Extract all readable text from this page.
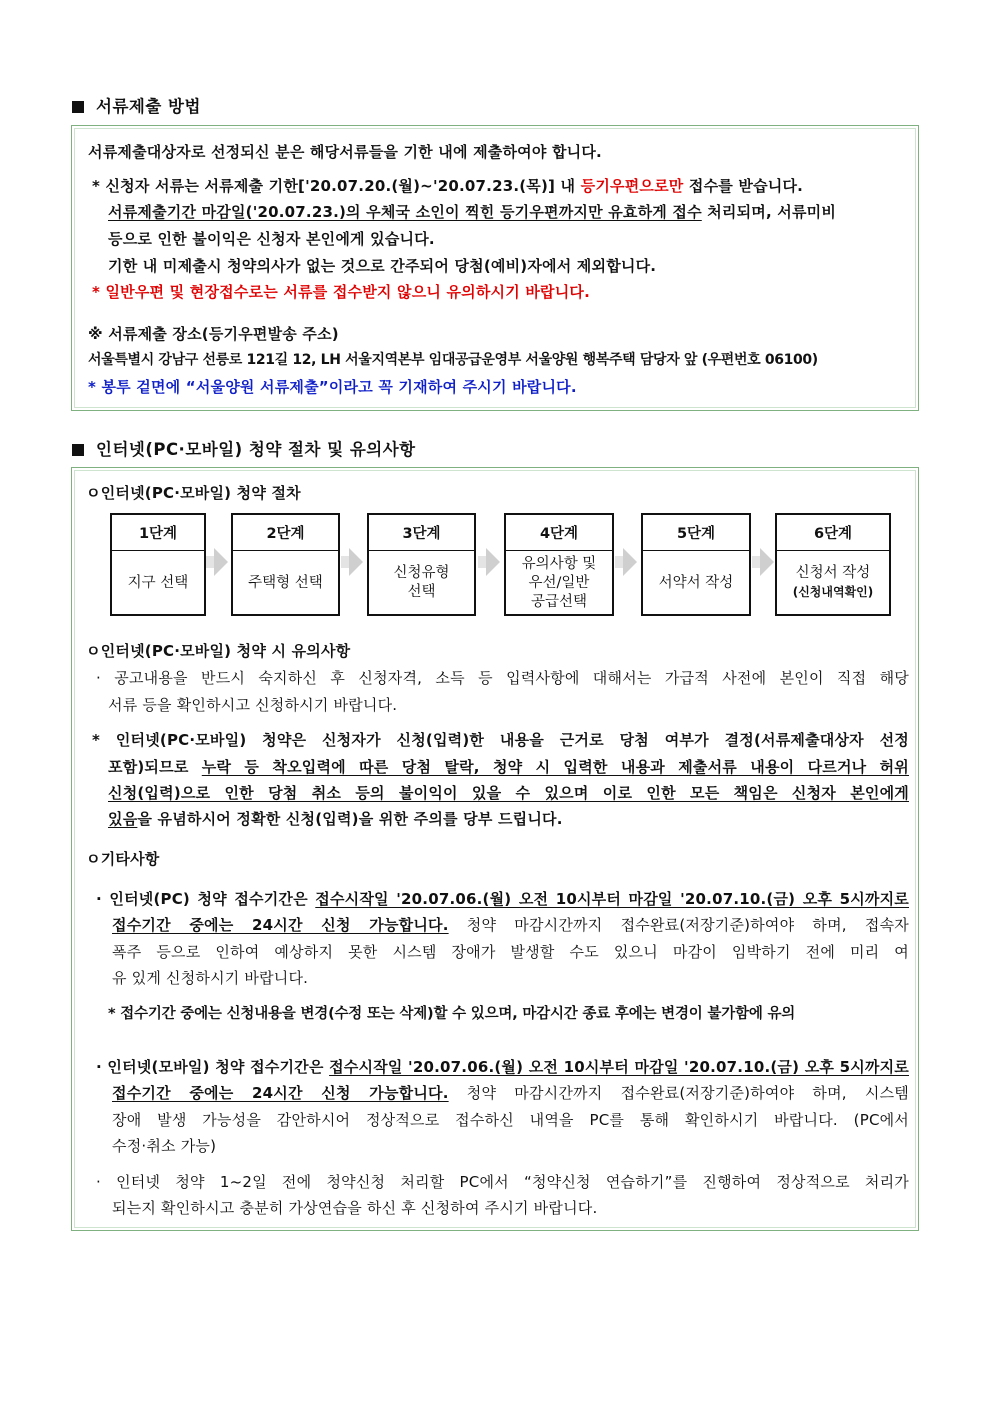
서류제출 방법
서류제출대상자로 선정되신 분은 해당서류들을 기한 내에 제출하여야 합니다.
* 신청자 서류는 서류제출 기한['20.07.20.(월)~'20.07.23.(목)] 내 등기우편으로만 접수를 받습니다.
서류제출기간 마감일('20.07.23.)의 우체국 소인이 찍힌 등기우편까지만 유효하게 접수 처리되며, 서류미비
등으로 인한 불이익은 신청자 본인에게 있습니다.
기한 내 미제출시 청약의사가 없는 것으로 간주되어 당첨(예비)자에서 제외합니다.
* 일반우편 및 현장접수로는 서류를 접수받지 않으니 유의하시기 바랍니다.
※ 서류제출 장소(등기우편발송 주소)
서울특별시 강남구 선릉로 121길 12, LH 서울지역본부 임대공급운영부 서울양원 행복주택 담당자 앞 (우편번호 06100)
* 봉투 겉면에 “서울양원 서류제출”이라고 꼭 기재하여 주시기 바랍니다.
인터넷(PC·모바일) 청약 절차 및 유의사항
ㅇ인터넷(PC·모바일) 청약 절차
1단계
지구 선택
2단계
주택형 선택
3단계
신청유형
선택
4단계
유의사항 및
우선/일반
공급선택
5단계
서약서 작성
6단계
신청서 작성
(신청내역확인)
ㅇ인터넷(PC·모바일) 청약 시 유의사항
· 공고내용을 반드시 숙지하신 후 신청자격, 소득 등 입력사항에 대해서는 가급적 사전에 본인이 직접 해당
서류 등을 확인하시고 신청하시기 바랍니다.
* 인터넷(PC·모바일) 청약은 신청자가 신청(입력)한 내용을 근거로 당첨 여부가 결정(서류제출대상자 선정
포함)되므로 누락 등 착오입력에 따른 당첨 탈락, 청약 시 입력한 내용과 제출서류 내용이 다르거나 허위
신청(입력)으로 인한 당첨 취소 등의 불이익이 있을 수 있으며 이로 인한 모든 책임은 신청자 본인에게
있음을 유념하시어 정확한 신청(입력)을 위한 주의를 당부 드립니다.
ㅇ기타사항
· 인터넷(PC) 청약 접수기간은 접수시작일 '20.07.06.(월) 오전 10시부터 마감일 '20.07.10.(금) 오후 5시까지로
접수기간 중에는 24시간 신청 가능합니다. 청약 마감시간까지 접수완료(저장기준)하여야 하며, 접속자
폭주 등으로 인하여 예상하지 못한 시스템 장애가 발생할 수도 있으니 마감이 임박하기 전에 미리 여
유 있게 신청하시기 바랍니다.
* 접수기간 중에는 신청내용을 변경(수정 또는 삭제)할 수 있으며, 마감시간 종료 후에는 변경이 불가함에 유의
· 인터넷(모바일) 청약 접수기간은 접수시작일 '20.07.06.(월) 오전 10시부터 마감일 '20.07.10.(금) 오후 5시까지로
접수기간 중에는 24시간 신청 가능합니다. 청약 마감시간까지 접수완료(저장기준)하여야 하며, 시스템
장애 발생 가능성을 감안하시어 정상적으로 접수하신 내역을 PC를 통해 확인하시기 바랍니다. (PC에서
수정·취소 가능)
· 인터넷 청약 1~2일 전에 청약신청 처리할 PC에서 “청약신청 연습하기”를 진행하여 정상적으로 처리가
되는지 확인하시고 충분히 가상연습을 하신 후 신청하여 주시기 바랍니다.
